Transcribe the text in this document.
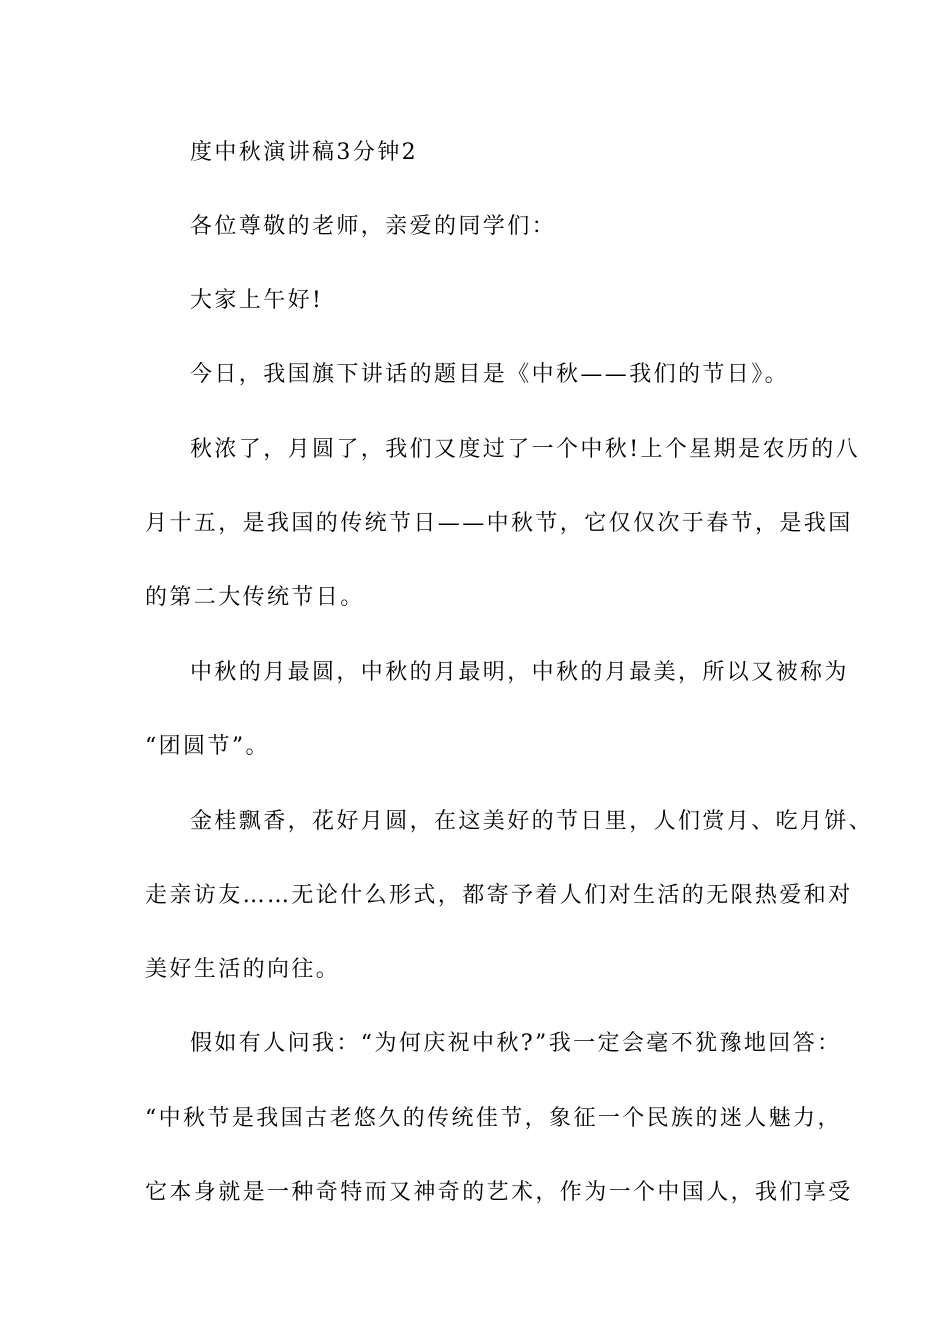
度中秋演讲稿3分钟2
各位尊敬的老师，亲爱的同学们：
大家上午好!
今日，我国旗下讲话的题目是《中秋——我们的节日》。
秋浓了，月圆了，我们又度过了一个中秋!上个星期是农历的八
月十五，是我国的传统节日——中秋节，它仅仅次于春节，是我国
的第二大传统节日。
中秋的月最圆，中秋的月最明，中秋的月最美，所以又被称为
“团圆节”。
金桂飘香，花好月圆，在这美好的节日里，人们赏月、吃月饼、
走亲访友……无论什么形式，都寄予着人们对生活的无限热爱和对
美好生活的向往。
假如有人问我：“为何庆祝中秋?”我一定会毫不犹豫地回答：
“中秋节是我国古老悠久的传统佳节，象征一个民族的迷人魅力，
它本身就是一种奇特而又神奇的艺术，作为一个中国人，我们享受
